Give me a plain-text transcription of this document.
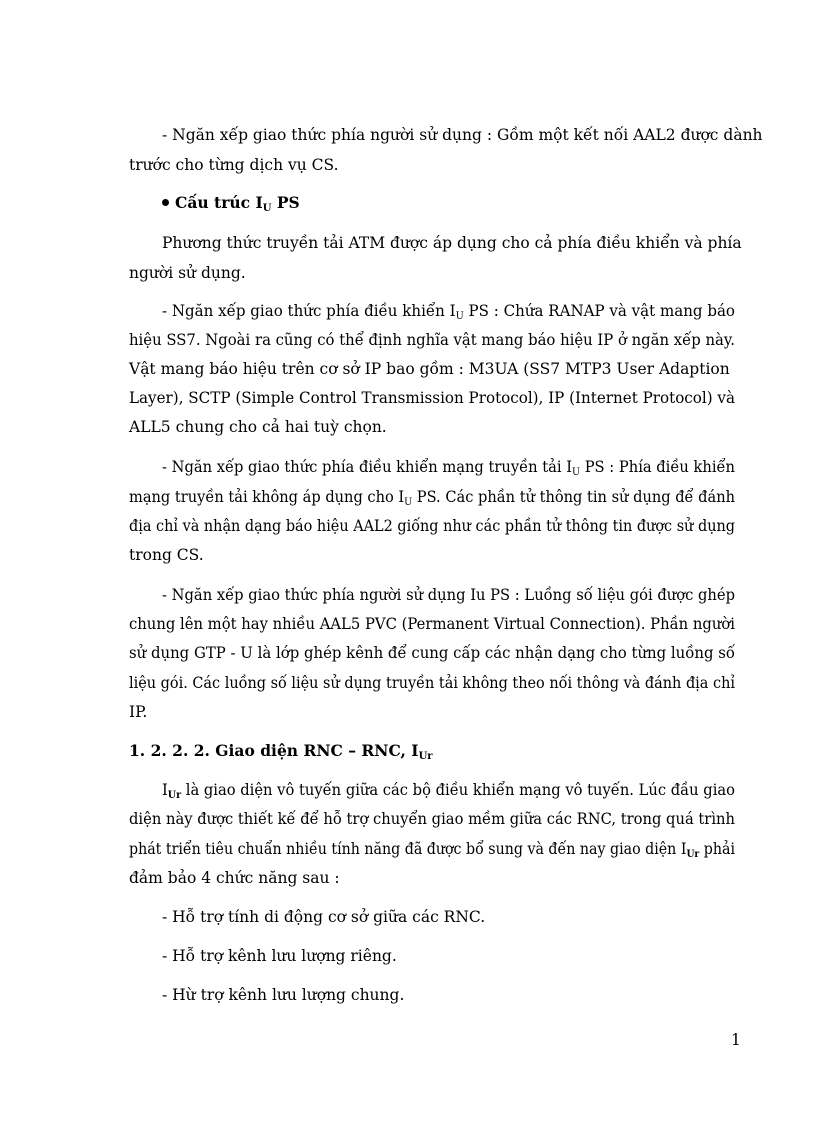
- Ngăn xếp giao thức phía người sử dụng : Gồm một kết nối AAL2 được dành
trước cho từng dịch vụ CS.
Cấu trúc $I_U$ PS
Phương thức truyền tải ATM được áp dụng cho cả phía điều khiển và phía
người sử dụng.
- Ngăn xếp giao thức phía điều khiển $I_U$ PS : Chứa RANAP và vật mang báo
hiệu SS7. Ngoài ra cũng có thể định nghĩa vật mang báo hiệu IP ở ngăn xếp này.
Vật mang báo hiệu trên cơ sở IP bao gồm : M3UA (SS7 MTP3 User Adaption
Layer), SCTP (Simple Control Transmission Protocol), IP (Internet Protocol) và
ALL5 chung cho cả hai tuỳ chọn.
- Ngăn xếp giao thức phía điều khiển mạng truyền tải $I_U$ PS : Phía điều khiển
mạng truyền tải không áp dụng cho $I_U$ PS. Các phần tử thông tin sử dụng để đánh
địa chỉ và nhận dạng báo hiệu AAL2 giống như các phần tử thông tin được sử dụng
trong CS.
- Ngăn xếp giao thức phía người sử dụng Iu PS : Luồng số liệu gói được ghép
chung lên một hay nhiều AAL5 PVC (Permanent Virtual Connection). Phần người
sử dụng GTP - U là lớp ghép kênh để cung cấp các nhận dạng cho từng luồng số
liệu gói. Các luồng số liệu sử dụng truyền tải không theo nối thông và đánh địa chỉ
IP.
1. 2. 2. 2. Giao diện RNC – RNC, $I_{Ur}$
$I_{Ur}$ là giao diện vô tuyến giữa các bộ điều khiển mạng vô tuyến. Lúc đầu giao
diện này được thiết kế để hỗ trợ chuyển giao mềm giữa các RNC, trong quá trình
phát triển tiêu chuẩn nhiều tính năng đã được bổ sung và đến nay giao diện $I_{Ur}$ phải
đảm bảo 4 chức năng sau :
- Hỗ trợ tính di động cơ sở giữa các RNC.
- Hỗ trợ kênh lưu lượng riêng.
- Hừ trợ kênh lưu lượng chung.
1
